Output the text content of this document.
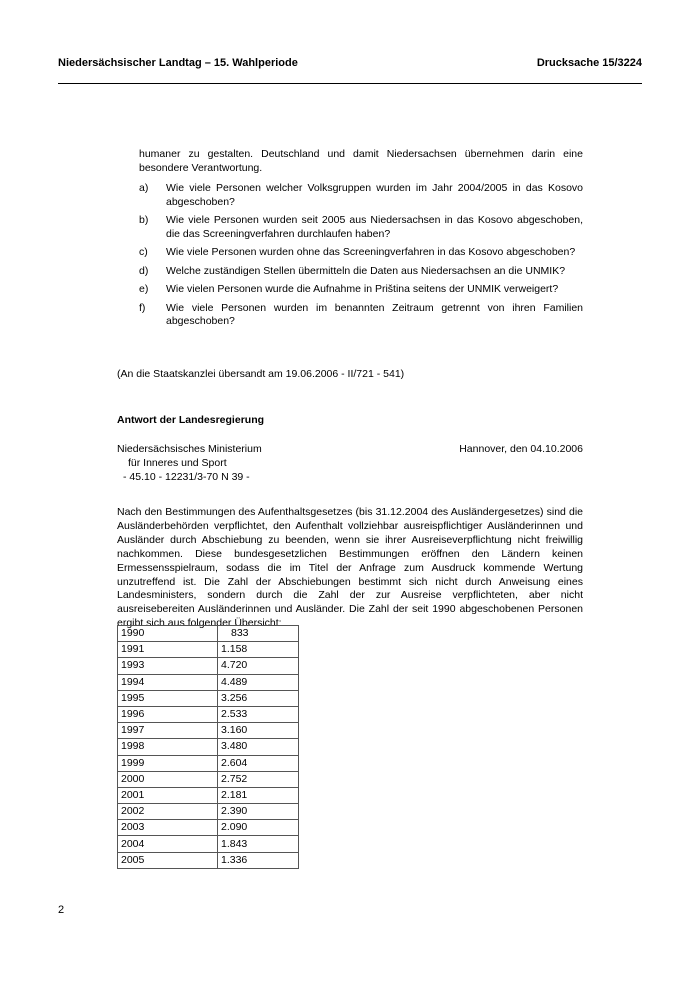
Niedersächsischer Landtag – 15. Wahlperiode	Drucksache 15/3224
humaner zu gestalten. Deutschland und damit Niedersachsen übernehmen darin eine besondere Verantwortung.
a)	Wie viele Personen welcher Volksgruppen wurden im Jahr 2004/2005 in das Kosovo abgeschoben?
b)	Wie viele Personen wurden seit 2005 aus Niedersachsen in das Kosovo abgeschoben, die das Screeningverfahren durchlaufen haben?
c)	Wie viele Personen wurden ohne das Screeningverfahren in das Kosovo abgeschoben?
d)	Welche zuständigen Stellen übermitteln die Daten aus Niedersachsen an die UNMIK?
e)	Wie vielen Personen wurde die Aufnahme in Priština seitens der UNMIK verweigert?
f)	Wie viele Personen wurden im benannten Zeitraum getrennt von ihren Familien abgeschoben?
(An die Staatskanzlei übersandt am 19.06.2006 - II/721 - 541)
Antwort der Landesregierung
Niedersächsisches Ministerium
für Inneres und Sport
- 45.10 - 12231/3-70 N 39 -
Hannover, den 04.10.2006
Nach den Bestimmungen des Aufenthaltsgesetzes (bis 31.12.2004 des Ausländergesetzes) sind die Ausländerbehörden verpflichtet, den Aufenthalt vollziehbar ausreispflichtiger Ausländerinnen und Ausländer durch Abschiebung zu beenden, wenn sie ihrer Ausreiseverpflichtung nicht freiwillig nachkommen. Diese bundesgesetzlichen Bestimmungen eröffnen den Ländern keinen Ermessensspielraum, sodass die im Titel der Anfrage zum Ausdruck kommende Wertung unzutreffend ist. Die Zahl der Abschiebungen bestimmt sich nicht durch Anweisung eines Landesministers, sondern durch die Zahl der zur Ausreise verpflichteten, aber nicht ausreisebereiten Ausländerinnen und Ausländer. Die Zahl der seit 1990 abgeschobenen Personen ergibt sich aus folgender Übersicht:
1990	833
1991	1.158
1993	4.720
1994	4.489
1995	3.256
1996	2.533
1997	3.160
1998	3.480
1999	2.604
2000	2.752
2001	2.181
2002	2.390
2003	2.090
2004	1.843
2005	1.336
2
